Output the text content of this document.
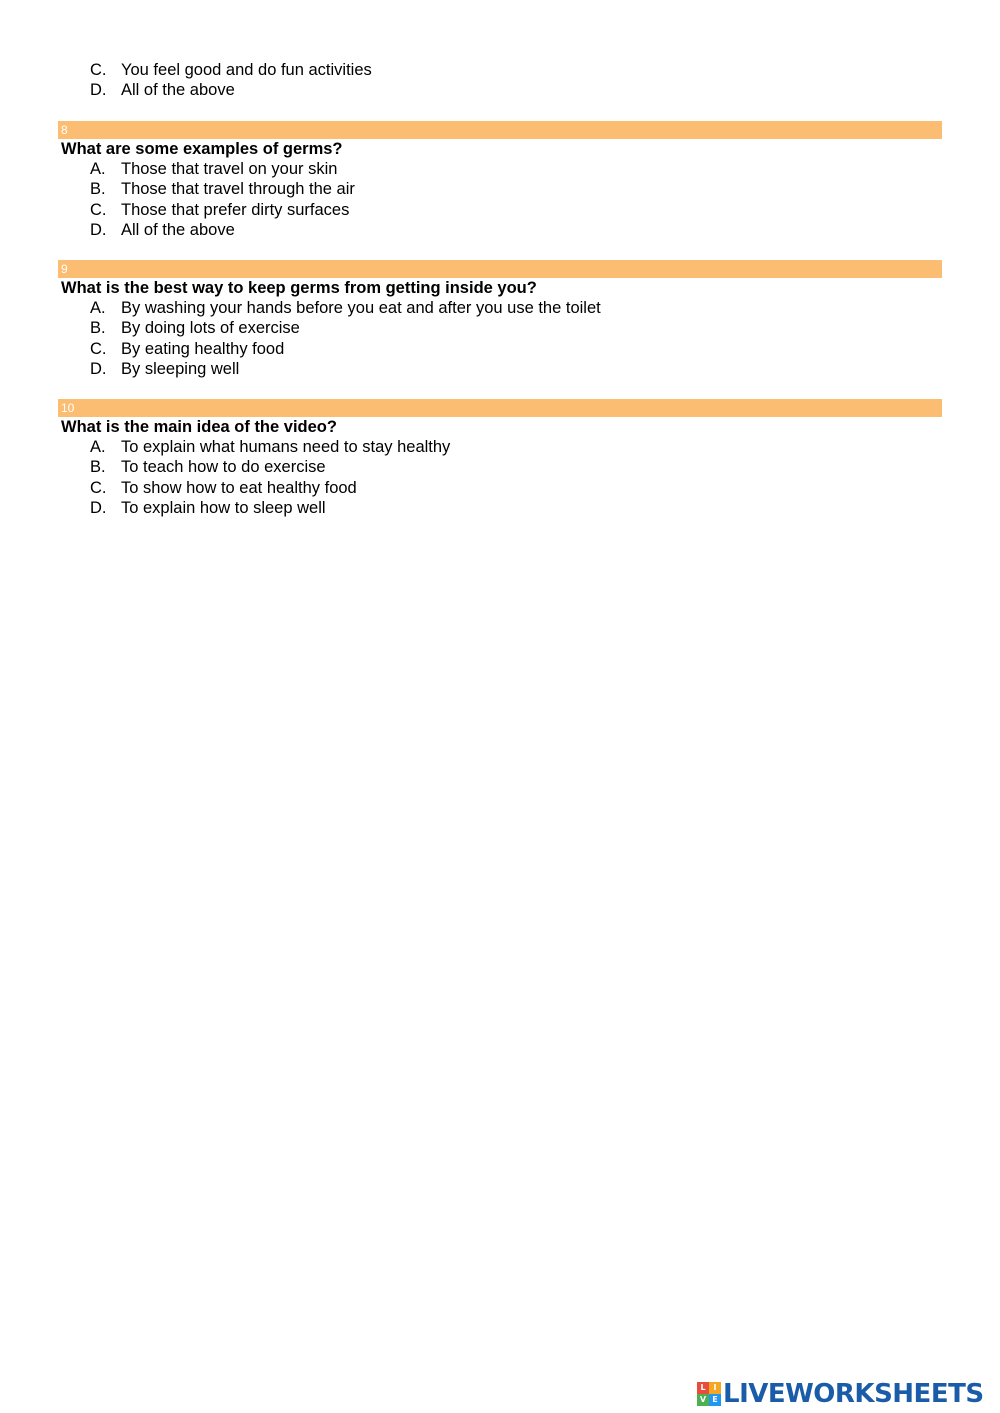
C. You feel good and do fun activities
D. All of the above
8
What are some examples of germs?
A. Those that travel on your skin
B. Those that travel through the air
C. Those that prefer dirty surfaces
D. All of the above
9
What is the best way to keep germs from getting inside you?
A. By washing your hands before you eat and after you use the toilet
B. By doing lots of exercise
C. By eating healthy food
D. By sleeping well
10
What is the main idea of the video?
A. To explain what humans need to stay healthy
B. To teach how to do exercise
C. To show how to eat healthy food
D. To explain how to sleep well
L I
V E LIVEWORKSHEETS
